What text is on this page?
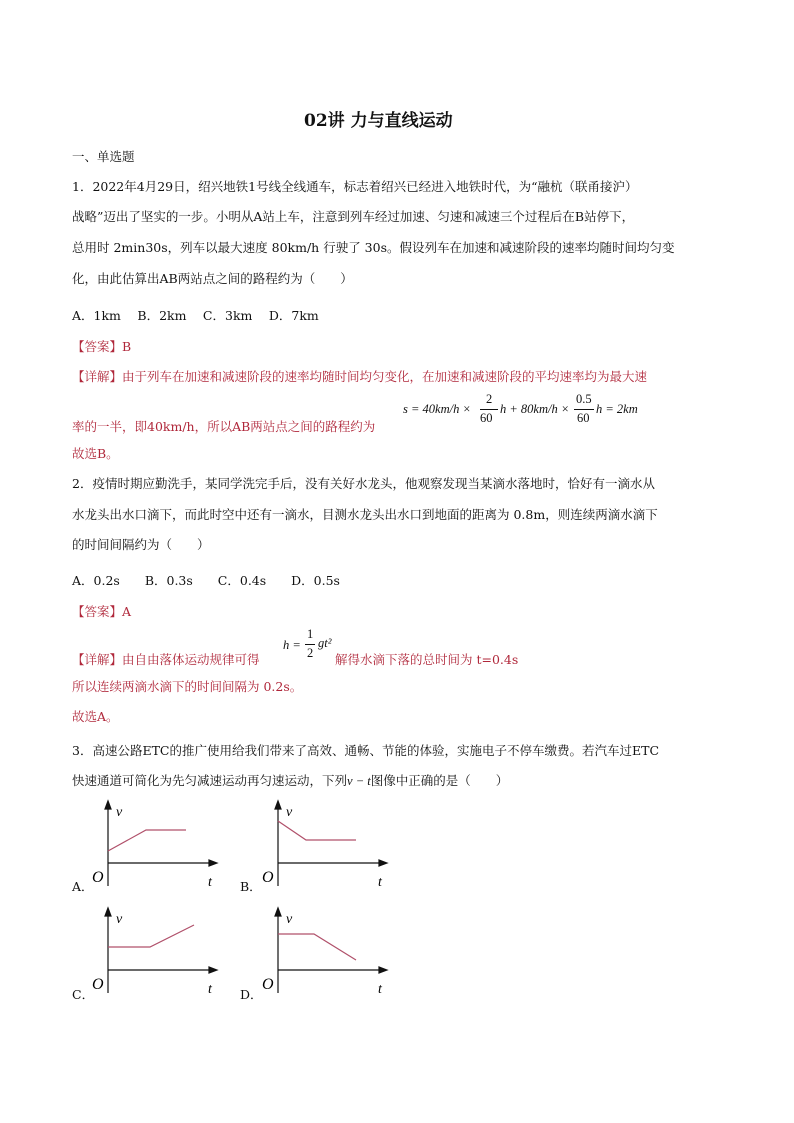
02讲 力与直线运动
一、单选题
1．2022年4月29日，绍兴地铁1号线全线通车，标志着绍兴已经进入地铁时代，为“融杭（联甬接沪）
战略”迈出了坚实的一步。小明从A站上车，注意到列车经过加速、匀速和减速三个过程后在B站停下，
总用时 2min30s，列车以最大速度 80km/h 行驶了 30s。假设列车在加速和减速阶段的速率均随时间均匀变
化，由此估算出AB两站点之间的路程约为（　　）
A．1km　 B．2km　 C．3km　 D．7km
【答案】B
【详解】由于列车在加速和减速阶段的速率均随时间均匀变化，在加速和减速阶段的平均速率均为最大速
率的一半，即40km/h，所以AB两站点之间的路程约为
s = 40km/h ×
2
60
h + 80km/h ×
0.5
60
h = 2km
故选B。
2．疫情时期应勤洗手，某同学洗完手后，没有关好水龙头，他观察发现当某滴水落地时，恰好有一滴水从
水龙头出水口滴下，而此时空中还有一滴水，目测水龙头出水口到地面的距离为 0.8m，则连续两滴水滴下
的时间间隔约为（　　）
A．0.2s　　B．0.3s　　C．0.4s　　D．0.5s
【答案】A
【详解】由自由落体运动规律可得
h =
1
2
gt²
解得水滴下落的总时间为 t=0.4s
所以连续两滴水滴下的时间间隔为 0.2s。
故选A。
3．高速公路ETC的推广使用给我们带来了高效、通畅、节能的体验，实施电子不停车缴费。若汽车过ETC
快速通道可简化为先匀减速运动再匀速运动，下列v − t图像中正确的是（　　）
A．
v
O	t B．
v
O	t
C．
v
O	t D．
v
O	t
